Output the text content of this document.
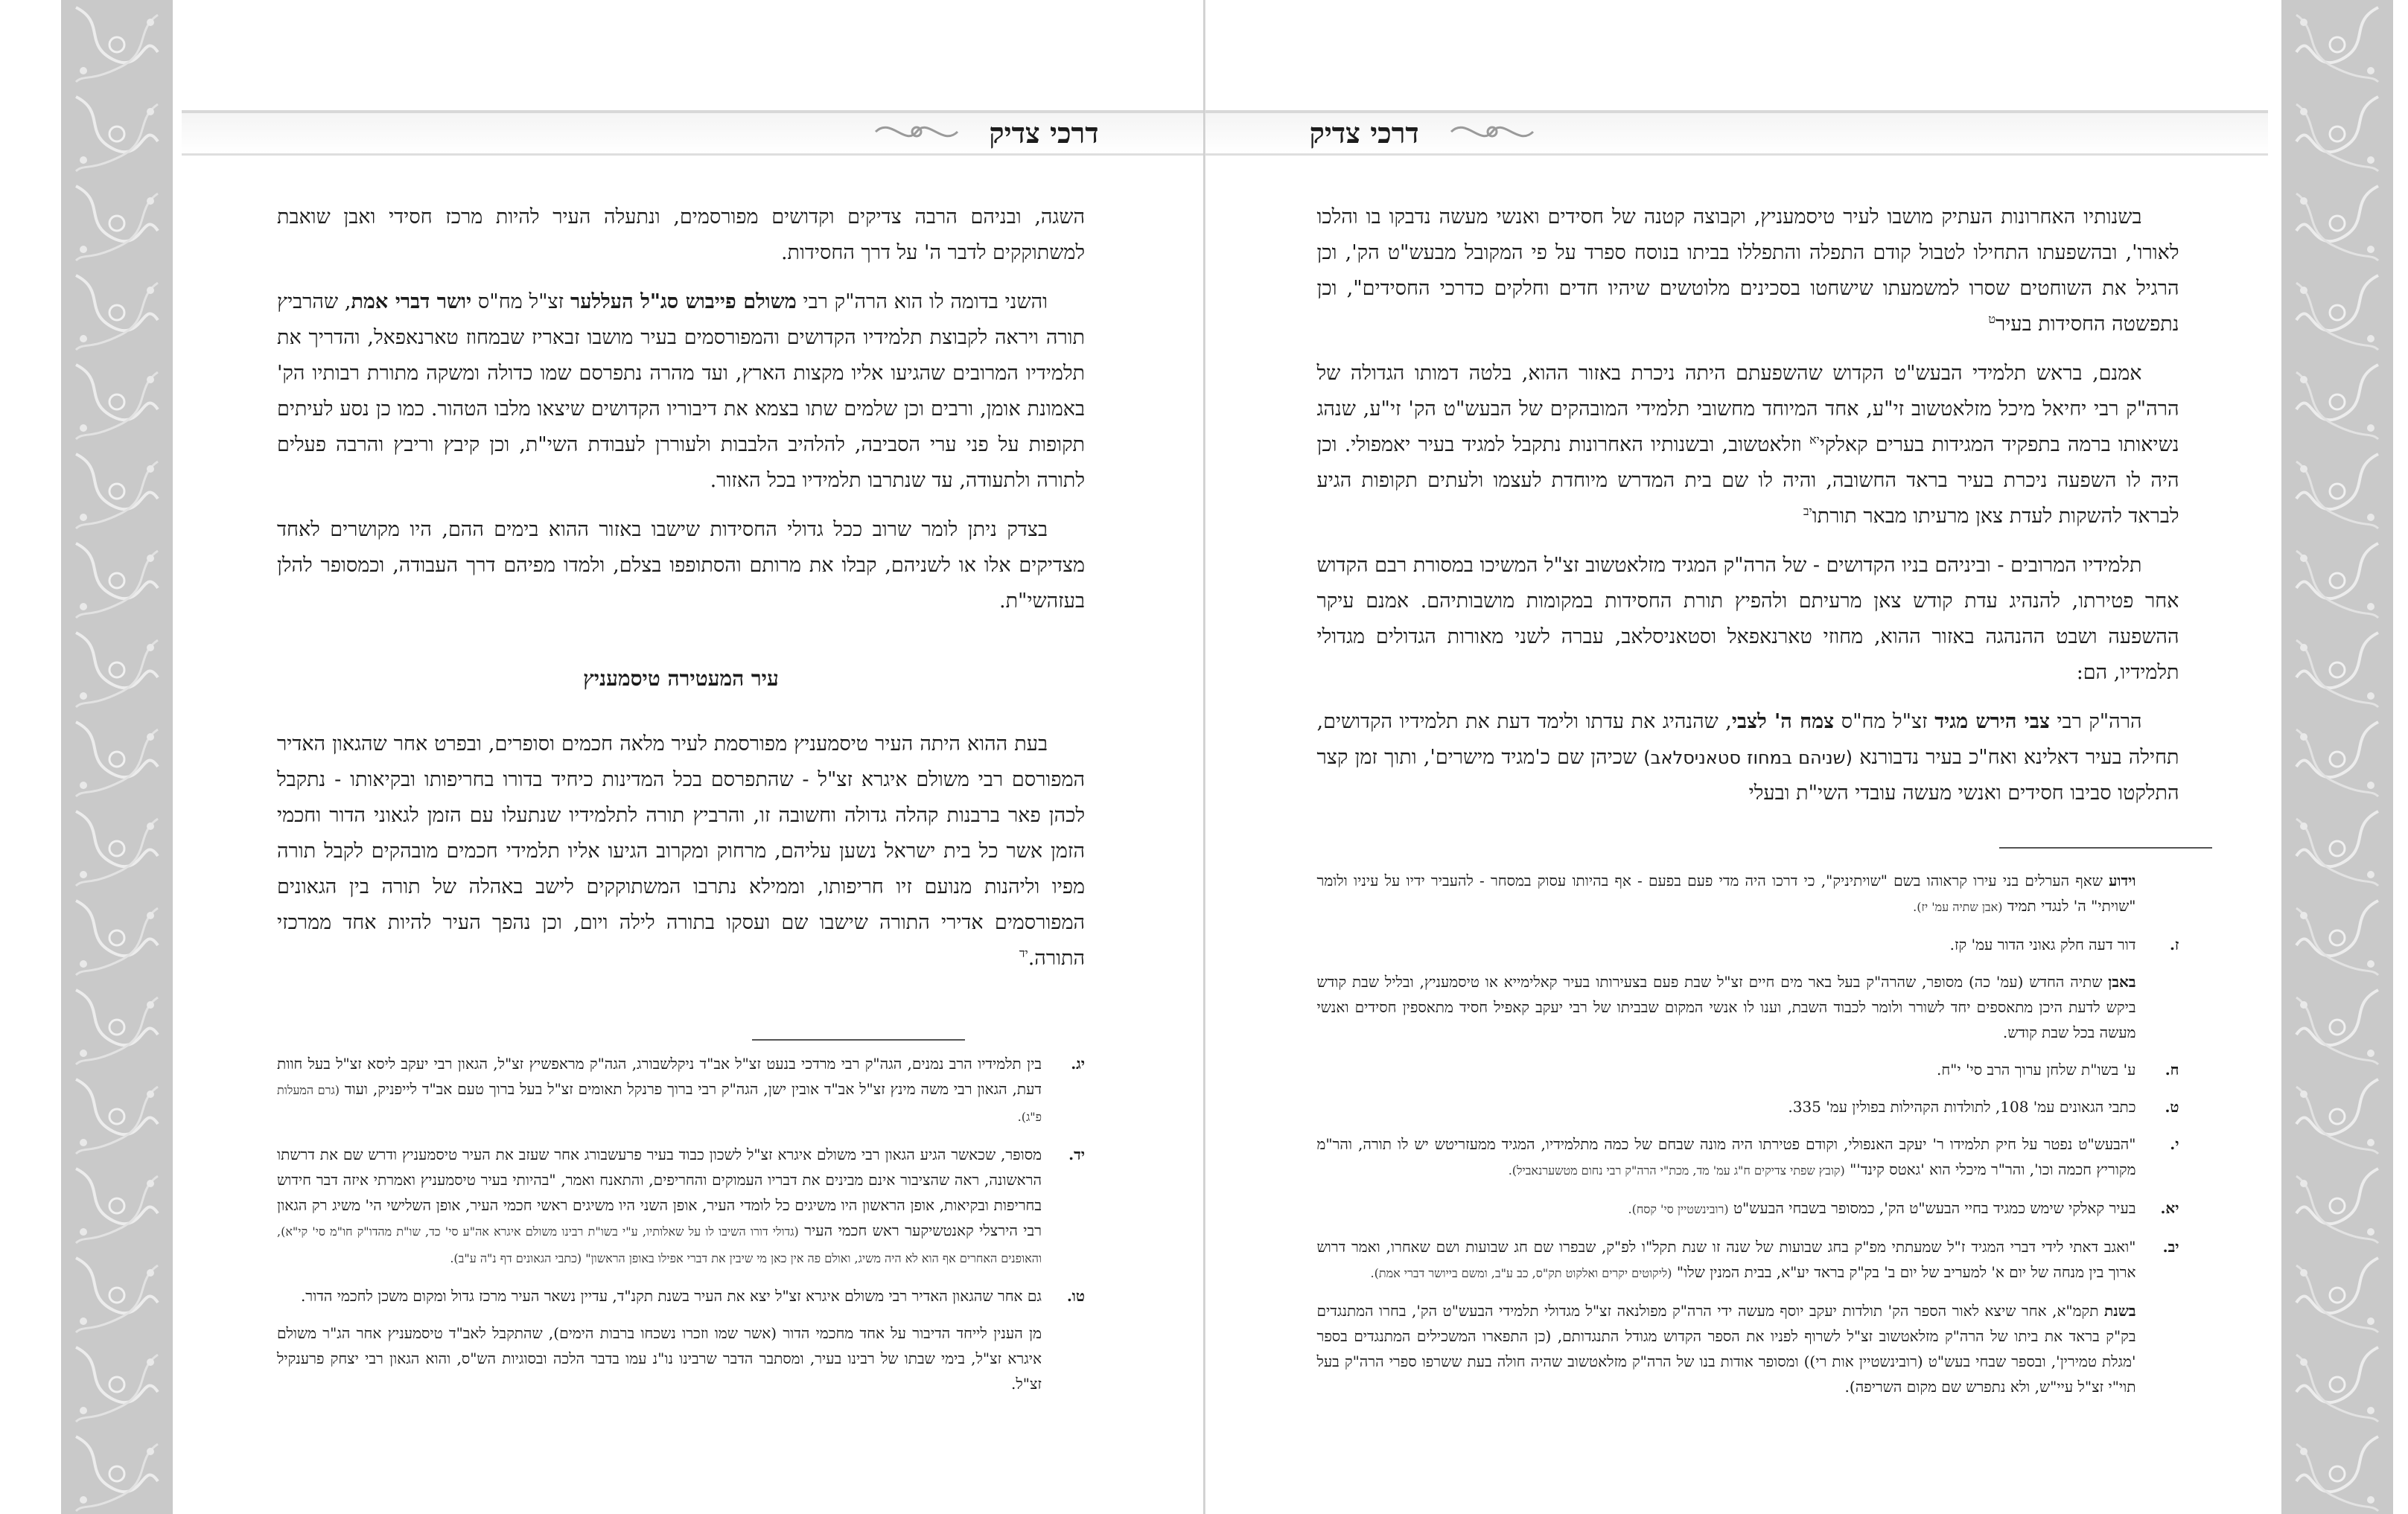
דרכי צדיק

השגה, ובניהם הרבה צדיקים וקדושים מפורסמים, ונתעלה העיר להיות מרכז חסידי ואבן שואבת למשתוקקים לדבר ה' על דרך החסידות.

והשני בדומה לו הוא הרה"ק רבי משולם פייבוש סג"ל העללער זצ"ל מח"ס יושר דברי אמת, שהרביץ תורה ויראה לקבוצת תלמידיו הקדושים והמפורסמים בעיר מושבו זבאריז שבמחוז טארנאפאל, והדריך את תלמידיו המרובים שהגיעו אליו מקצות הארץ, ועד מהרה נתפרסם שמו כדולה ומשקה מתורת רבותיו הק' באמונת אומן, ורבים וכן שלמים שתו בצמא את דיבוריו הקדושים שיצאו מלבו הטהור. כמו כן נסע לעיתים תקופות על פני ערי הסביבה, להלהיב הלבבות ולעוררן לעבודת השי"ת, וכן קיבץ וריבץ והרבה פעלים לתורה ולתעודה, עד שנתרבו תלמידיו בכל האזור.

בצדק ניתן לומר שרוב ככל גדולי החסידות שישבו באזור ההוא בימים ההם, היו מקושרים לאחד מצדיקים אלו או לשניהם, קבלו את מרותם והסתופפו בצלם, ולמדו מפיהם דרך העבודה, וכמסופר להלן בעזהשי"ת.

עיר המעטירה טיסמעניץ

בעת ההוא היתה העיר טיסמעניץ מפורסמת לעיר מלאה חכמים וסופרים, ובפרט אחר שהגאון האדיר המפורסם רבי משולם איגרא זצ"ל - שהתפרסם בכל המדינות כיחיד בדורו בחריפותו ובקיאותו - נתקבל לכהן פאר ברבנות קהלה גדולה וחשובה זו, והרביץ תורה לתלמידיו שנתעלו עם הזמן לגאוני הדור וחכמי הזמן אשר כל בית ישראל נשען עליהם, מרחוק ומקרוב הגיעו אליו תלמידי חכמים מובהקים לקבל תורה מפיו וליהנות מנועם זיו חריפותו, וממילא נתרבו המשתוקקים לישב באהלה של תורה בין הגאונים המפורסמים אדירי התורה שישבו שם ועסקו בתורה לילה ויום, וכן נהפך העיר להיות אחד ממרכזי התורה.$^{יד}$

יג.
בין תלמידיו הרב נמנים, הגה"ק רבי מרדכי בנעט זצ"ל אב"ד ניקלשבורג, הגה"ק מראפשיץ זצ"ל, הגאון רבי יעקב ליסא זצ"ל בעל חוות דעת, הגאון רבי משה מינץ זצ"ל אב"ד אובין ישן, הגה"ק רבי ברוך פרנקל תאומים זצ"ל בעל ברוך טעם אב"ד לייפניק, ועוד (גרם המעלות פ"ג).
יד.
מסופר, שכאשר הגיע הגאון רבי משולם איגרא זצ"ל לשכון כבוד בעיר פרעשבורג אחר שעזב את העיר טיסמעניץ ודרש שם את דרשתו הראשונה, ראה שהציבור אינם מבינים את דבריו העמוקים והחריפים, והתאנח ואמר, "בהיותי בעיר טיסמעניץ ואמרתי איזה דבר חידוש בחריפות ובקיאות, אופן הראשון היו משיגים כל לומדי העיר, אופן השני היו משיגים ראשי חכמי העיר, אופן השלישי הי' משיג רק הגאון רבי הירצלי קאנטשיקער ראש חכמי העיר (גדולי דורו השיבו לו על שאלותיו, ע"י בשו"ת רבינו משולם איגרא אה"ע סי' כד, שו"ת מהדו"ק חו"מ סי' קי"א), והאופנים האחרים אף הוא לא היה משיג, ואולם פה אין כאן מי שיבין את דברי אפילו באופן הראשון" (כתבי הגאונים דף נ"ה ע"ב).
טו.
גם אחר שהגאון האדיר רבי משולם איגרא זצ"ל יצא את העיר בשנת תקנ"ד, עדיין נשאר העיר מרכז גדול ומקום משכן לחכמי הדור.
מן הענין לייחד הדיבור על אחד מחכמי הדור (אשר שמו וזכרו נשכחו ברבות הימים), שהתקבל לאב"ד טיסמעניץ אחר הג"ר משולם איגרא זצ"ל, בימי שבתו של רבינו בעיר, ומסתבר הדבר שרבינו נו"נ עמו בדבר הלכה ובסוגיות הש"ס, והוא הגאון רבי יצחק פרענקיל זצ"ל.
דרכי צדיק

בשנותיו האחרונות העתיק מושבו לעיר טיסמעניץ, וקבוצה קטנה של חסידים ואנשי מעשה נדבקו בו והלכו לאורו', ובהשפעתו התחילו לטבול קודם התפלה והתפללו בביתו בנוסח ספרד על פי המקובל מבעש"ט הק', וכן הרגיל את השוחטים שסרו למשמעתו שישחטו בסכינים מלוטשים שיהיו חדים וחלקים כדרכי החסידים", וכן נתפשטה החסידות בעיר$^ט$

אמנם, בראש תלמידי הבעש"ט הקדוש שהשפעתם היתה ניכרת באזור ההוא, בלטה דמותו הגדולה של הרה"ק רבי יחיאל מיכל מזלאטשוב זי"ע, אחד המיוחד מחשובי תלמידי המובהקים של הבעש"ט הק' זי"ע, שנהג נשיאותו ברמה בתפקיד המגידות בערים קאלקי$^{יא}$ וזלאטשוב, ובשנותיו האחרונות נתקבל למגיד בעיר יאמפולי. וכן היה לו השפעה ניכרת בעיר בראד החשובה, והיה לו שם בית המדרש מיוחדת לעצמו ולעתים תקופות הגיע לבראד להשקות לעדת צאן מרעיתו מבאר תורתו$^{יב}$

תלמידיו המרובים - וביניהם בניו הקדושים - של הרה"ק המגיד מזלאטשוב זצ"ל המשיכו במסורת רבם הקדוש אחר פטירתו, להנהיג עדת קודש צאן מרעיתם ולהפיץ תורת החסידות במקומות מושבותיהם. אמנם עיקר ההשפעה ושבט ההנהגה באזור ההוא, מחוזי טארנאפאל וסטאניסלאב, עברה לשני מאורות הגדולים מגדולי תלמידיו, הם:

הרה"ק רבי צבי הירש מגיד זצ"ל מח"ס צמח ה' לצבי, שהנהיג את עדתו ולימד דעת את תלמידיו הקדושים, תחילה בעיר דאלינא ואח"כ בעיר נדבורנא (שניהם במחוז סטאניסלאב) שכיהן שם כ'מגיד מישרים', ותוך זמן קצר התלקטו סביבו חסידים ואנשי מעשה עובדי השי"ת ובעלי

וידוע שאף הערלים בני עירו קראוהו בשם "שויתיניק", כי דרכו היה מדי פעם בפעם - אף בהיותו עסוק במסחר - להעביר ידיו על עיניו ולומר "שויתי" ה' לנגדי תמיד (אבן שתיה עמ' יז).
ז.
דור דעה חלק גאוני הדור עמ' קז.
באבן שתיה החדש (עמ' כה) מסופר, שהרה"ק בעל באר מים חיים זצ"ל שבת פעם בצעירותו בעיר קאלימייא או טיסמעניץ, ובליל שבת קודש ביקש לדעת היכן מתאספים יחד לשורר ולומר לכבוד השבת, וענו לו אנשי המקום שבביתו של רבי יעקב קאפיל חסיד מתאספין חסידים ואנשי מעשה בכל שבת קודש.
ח.
ע' בשו"ת שלחן ערוך הרב סי' י"ח.
ט.
כתבי הגאונים עמ' 108, לתולדות הקהילות בפולין עמ' 335.
י.
"הבעש"ט נפטר על חיק תלמידו ר' יעקב האנפולי, וקודם פטירתו היה מונה שבחם של כמה מתלמידיו, המגיד ממעזריטש יש לו תורה, והר"מ מקוריץ חכמה וכו', והר"ר מיכלי הוא 'גאטס קינד'" (קובץ שפתי צדיקים ח"ג עמ' מד, מכת"י הרה"ק רבי נחום מטשערנאביל).
יא.
בעיר קאלקי שימש כמגיד בחיי הבעש"ט הק', כמסופר בשבחי הבעש"ט (רובינשטיין סי' קסח).
יב.
"ואגב דאתי לידי דברי המגיד ז"ל שמעתתי מפ"ק בחג שבועות של שנה זו שנת תקל"ו לפ"ק, שבפרו שם חג שבועות ושם שאחרו, ואמר דרוש ארוך בין מנחה של יום א' למעריב של יום ב' בק"ק בראד יע"א, בבית המנין שלו" (ליקוטים יקרים ואלקוט תק"ס, כב ע"ב, ומשם בייושר דברי אמת).
בשנת תקמ"א, אחר שיצא לאור הספר הק' תולדות יעקב יוסף מעשה ידי הרה"ק מפולנאה זצ"ל מגדולי תלמידי הבעש"ט הק', בחרו המתנגדים בק"ק בראד את ביתו של הרה"ק מזלאטשוב זצ"ל לשרוף לפניו את הספר הקדוש מגודל התנגדותם, (כן התפארו המשכילים המתנגדים בספר 'מגלת טמירין', ובספר שבחי בעש"ט (רובינשטיין אות רי)) ומסופר אודות בנו של הרה"ק מזלאטשוב שהיה חולה בעת ששרפו ספרי הרה"ק בעל תוי"י זצ"ל עיי"ש, ולא נתפרש שם מקום השריפה).
